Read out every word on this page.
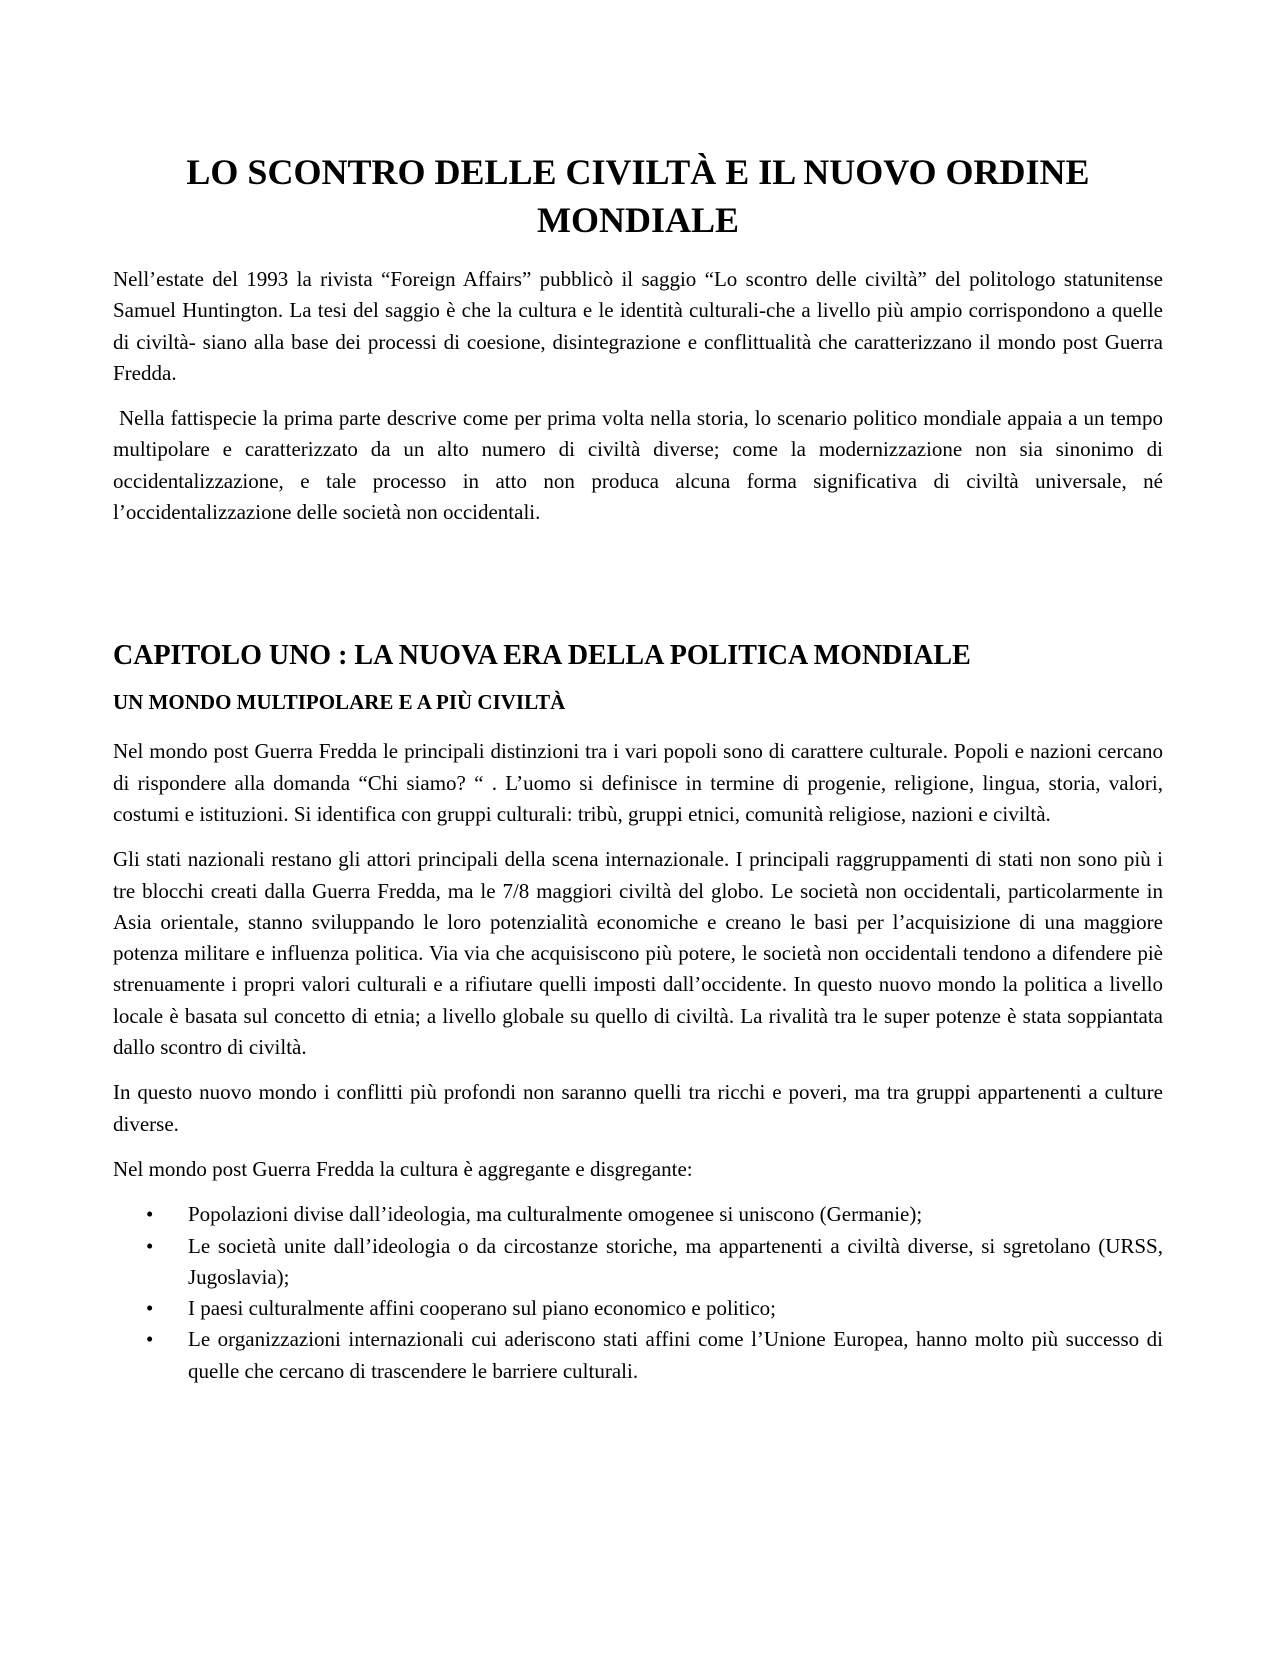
LO SCONTRO DELLE CIVILTÀ E IL NUOVO ORDINE MONDIALE

Nell’estate del 1993 la rivista “Foreign Affairs” pubblicò il saggio “Lo scontro delle civiltà” del politologo statunitense Samuel Huntington. La tesi del saggio è che la cultura e le identità culturali-che a livello più ampio corrispondono a quelle di civiltà- siano alla base dei processi di coesione, disintegrazione e conflittualità che caratterizzano il mondo post Guerra Fredda.

Nella fattispecie la prima parte descrive come per prima volta nella storia, lo scenario politico mondiale appaia a un tempo multipolare e caratterizzato da un alto numero di civiltà diverse; come la modernizzazione non sia sinonimo di occidentalizzazione, e tale processo in atto non produca alcuna forma significativa di civiltà universale, né l’occidentalizzazione delle società non occidentali.

CAPITOLO UNO : LA NUOVA ERA DELLA POLITICA MONDIALE
UN MONDO MULTIPOLARE E A PIÙ CIVILTÀ

Nel mondo post Guerra Fredda le principali distinzioni tra i vari popoli sono di carattere culturale. Popoli e nazioni cercano di rispondere alla domanda “Chi siamo? “ . L’uomo si definisce in termine di progenie, religione, lingua, storia, valori, costumi e istituzioni. Si identifica con gruppi culturali: tribù, gruppi etnici, comunità religiose, nazioni e civiltà.

Gli stati nazionali restano gli attori principali della scena internazionale. I principali raggruppamenti di stati non sono più i tre blocchi creati dalla Guerra Fredda, ma le 7/8 maggiori civiltà del globo. Le società non occidentali, particolarmente in Asia orientale, stanno sviluppando le loro potenzialità economiche e creano le basi per l’acquisizione di una maggiore potenza militare e influenza politica. Via via che acquisiscono più potere, le società non occidentali tendono a difendere piè strenuamente i propri valori culturali e a rifiutare quelli imposti dall’occidente. In questo nuovo mondo la politica a livello locale è basata sul concetto di etnia; a livello globale su quello di civiltà. La rivalità tra le super potenze è stata soppiantata dallo scontro di civiltà.

In questo nuovo mondo i conflitti più profondi non saranno quelli tra ricchi e poveri, ma tra gruppi appartenenti a culture diverse.

Nel mondo post Guerra Fredda la cultura è aggregante e disgregante:

• Popolazioni divise dall’ideologia, ma culturalmente omogenee si uniscono (Germanie);
• Le società unite dall’ideologia o da circostanze storiche, ma appartenenti a civiltà diverse, si sgretolano (URSS, Jugoslavia);
• I paesi culturalmente affini cooperano sul piano economico e politico;
• Le organizzazioni internazionali cui aderiscono stati affini come l’Unione Europea, hanno molto più successo di quelle che cercano di trascendere le barriere culturali.
